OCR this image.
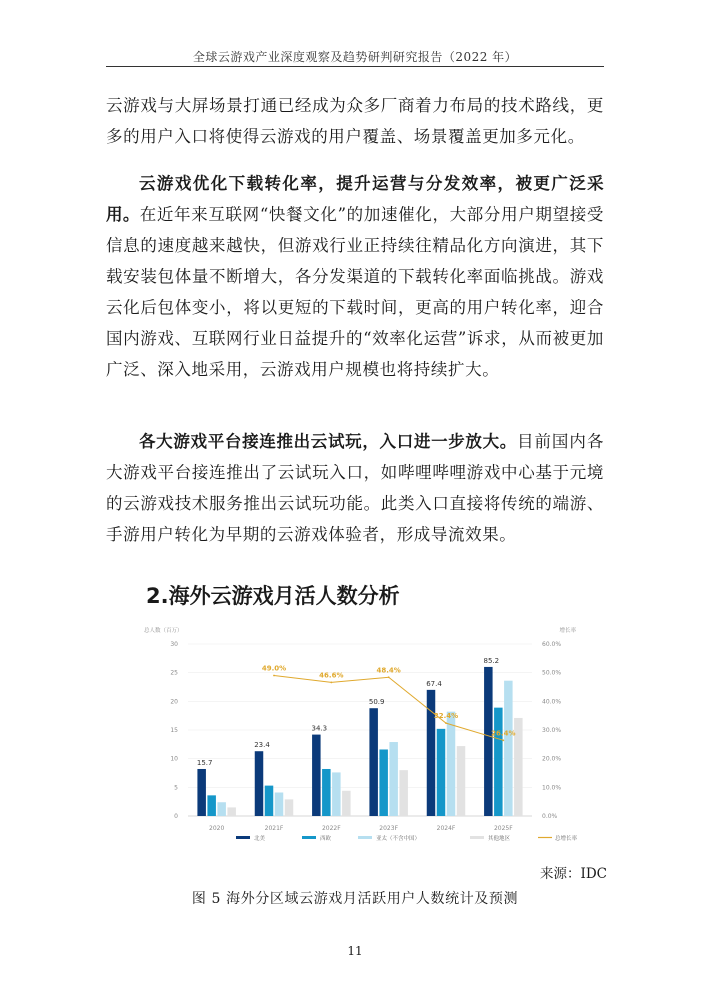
全球云游戏产业深度观察及趋势研判研究报告（2022 年）

云游戏与大屏场景打通已经成为众多厂商着力布局的技术路线，更多的用户入口将使得云游戏的用户覆盖、场景覆盖更加多元化。

云游戏优化下载转化率，提升运营与分发效率，被更广泛采用。在近年来互联网“快餐文化”的加速催化，大部分用户期望接受信息的速度越来越快，但游戏行业正持续往精品化方向演进，其下载安装包体量不断增大，各分发渠道的下载转化率面临挑战。游戏云化后包体变小，将以更短的下载时间，更高的用户转化率，迎合国内游戏、互联网行业日益提升的“效率化运营”诉求，从而被更加广泛、深入地采用，云游戏用户规模也将持续扩大。

各大游戏平台接连推出云试玩，入口进一步放大。目前国内各大游戏平台接连推出了云试玩入口，如哔哩哔哩游戏中心基于元境的云游戏技术服务推出云试玩功能。此类入口直接将传统的端游、手游用户转化为早期的云游戏体验者，形成导流效果。

2.海外云游戏月活人数分析
总人数（百万）	增长率
0
5
10
15
20
25
30
0.0%
10.0%
20.0%
30.0%
40.0%
50.0%
60.0%
15.7
2020
23.4
2021F
34.3
2022F
50.9
2023F
67.4
2024F
85.2
2025F
49.0%
46.6%
48.4%
32.4%
26.4%
北美	西欧	亚太（不含中国）	其他地区	总增长率
来源：IDC
图 5 海外分区域云游戏月活跃用户人数统计及预测
11
